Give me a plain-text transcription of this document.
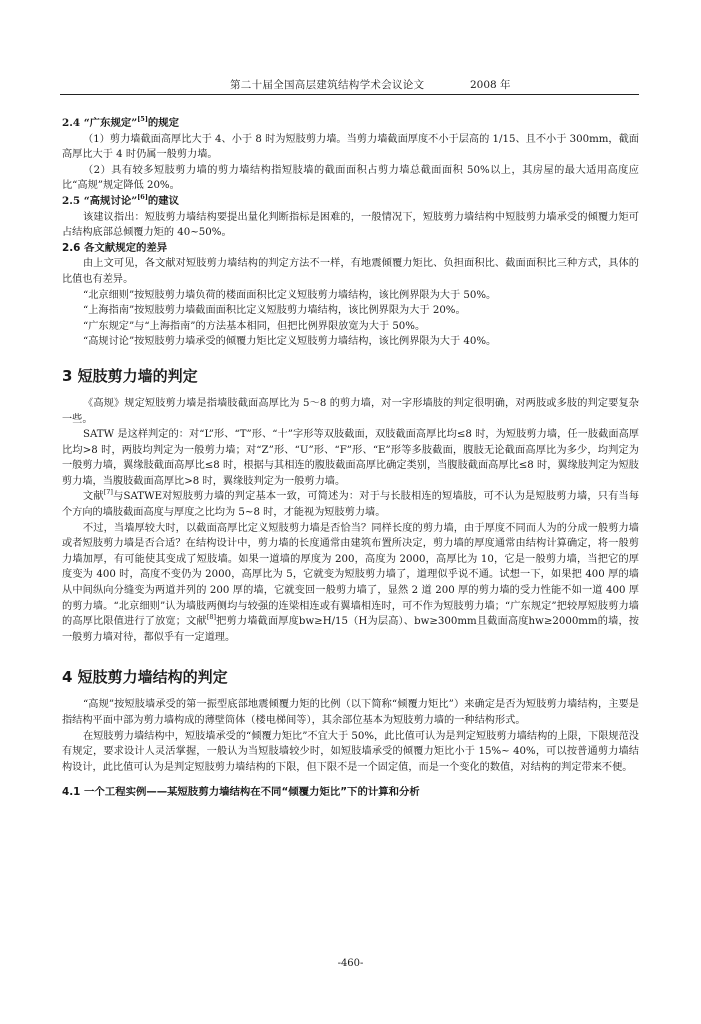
第二十届全国高层建筑结构学术会议论文	2008 年

2.4 “广东规定”[5]的规定

（1）剪力墙截面高厚比大于 4、小于 8 时为短肢剪力墙。当剪力墙截面厚度不小于层高的 1/15、且不小于 300mm，截面高厚比大于 4 时仍属一般剪力墙。

（2）具有较多短肢剪力墙的剪力墙结构指短肢墙的截面面积占剪力墙总截面面积 50%以上，其房屋的最大适用高度应比“高规”规定降低 20%。

2.5 “高规讨论”[6]的建议

该建议指出：短肢剪力墙结构要提出量化判断指标是困难的，一般情况下，短肢剪力墙结构中短肢剪力墙承受的倾覆力矩可占结构底部总倾覆力矩的 40~50%。

2.6 各文献规定的差异

由上文可见，各文献对短肢剪力墙结构的判定方法不一样，有地震倾覆力矩比、负担面积比、截面面积比三种方式，具体的比值也有差异。

“北京细则”按短肢剪力墙负荷的楼面面积比定义短肢剪力墙结构，该比例界限为大于 50%。

“上海指南”按短肢剪力墙截面面积比定义短肢剪力墙结构，该比例界限为大于 20%。

“广东规定”与“上海指南”的方法基本相同，但把比例界限放宽为大于 50%。

“高规讨论”按短肢剪力墙承受的倾覆力矩比定义短肢剪力墙结构，该比例界限为大于 40%。

3 短肢剪力墙的判定

《高规》规定短肢剪力墙是指墙肢截面高厚比为 5～8 的剪力墙，对一字形墙肢的判定很明确，对两肢或多肢的判定要复杂一些。

SATW 是这样判定的：对“L”形、“T”形、“十”字形等双肢截面，双肢截面高厚比均≤8 时，为短肢剪力墙，任一肢截面高厚比均>8 时，两肢均判定为一般剪力墙；对“Z”形、“U”形、“F”形、“E”形等多肢截面，腹肢无论截面高厚比为多少，均判定为一般剪力墙，翼缘肢截面高厚比≤8 时，根据与其相连的腹肢截面高厚比确定类别，当腹肢截面高厚比≤8 时，翼缘肢判定为短肢剪力墙，当腹肢截面高厚比>8 时，翼缘肢判定为一般剪力墙。

文献[7]与SATWE对短肢剪力墙的判定基本一致，可简述为：对于与长肢相连的短墙肢，可不认为是短肢剪力墙，只有当每个方向的墙肢截面高度与厚度之比均为 5~8 时，才能视为短肢剪力墙。

不过，当墙厚较大时，以截面高厚比定义短肢剪力墙是否恰当？同样长度的剪力墙，由于厚度不同而人为的分成一般剪力墙或者短肢剪力墙是否合适？在结构设计中，剪力墙的长度通常由建筑布置所决定，剪力墙的厚度通常由结构计算确定，将一般剪力墙加厚，有可能使其变成了短肢墙。如果一道墙的厚度为 200，高度为 2000，高厚比为 10，它是一般剪力墙，当把它的厚度变为 400 时，高度不变仍为 2000，高厚比为 5，它就变为短肢剪力墙了，道理似乎说不通。试想一下，如果把 400 厚的墙从中间纵向分缝变为两道并列的 200 厚的墙，它就变回一般剪力墙了，显然 2 道 200 厚的剪力墙的受力性能不如一道 400 厚的剪力墙。“北京细则”认为墙肢两侧均与较强的连梁相连或有翼墙相连时，可不作为短肢剪力墙；“广东规定”把较厚短肢剪力墙的高厚比限值进行了放宽；文献[8]把剪力墙截面厚度bw≥H/15（H为层高）、bw≥300mm且截面高度hw≥2000mm的墙，按一般剪力墙对待，都似乎有一定道理。

4 短肢剪力墙结构的判定

“高规”按短肢墙承受的第一振型底部地震倾覆力矩的比例（以下简称“倾覆力矩比”）来确定是否为短肢剪力墙结构，主要是指结构平面中部为剪力墙构成的薄壁筒体（楼电梯间等），其余部位基本为短肢剪力墙的一种结构形式。

在短肢剪力墙结构中，短肢墙承受的“倾覆力矩比”不宜大于 50%，此比值可认为是判定短肢剪力墙结构的上限，下限规范没有规定，要求设计人灵活掌握，一般认为当短肢墙较少时，如短肢墙承受的倾覆力矩比小于 15%~ 40%，可以按普通剪力墙结构设计，此比值可认为是判定短肢剪力墙结构的下限，但下限不是一个固定值，而是一个变化的数值，对结构的判定带来不便。

4.1 一个工程实例——某短肢剪力墙结构在不同“倾覆力矩比”下的计算和分析

-460-
